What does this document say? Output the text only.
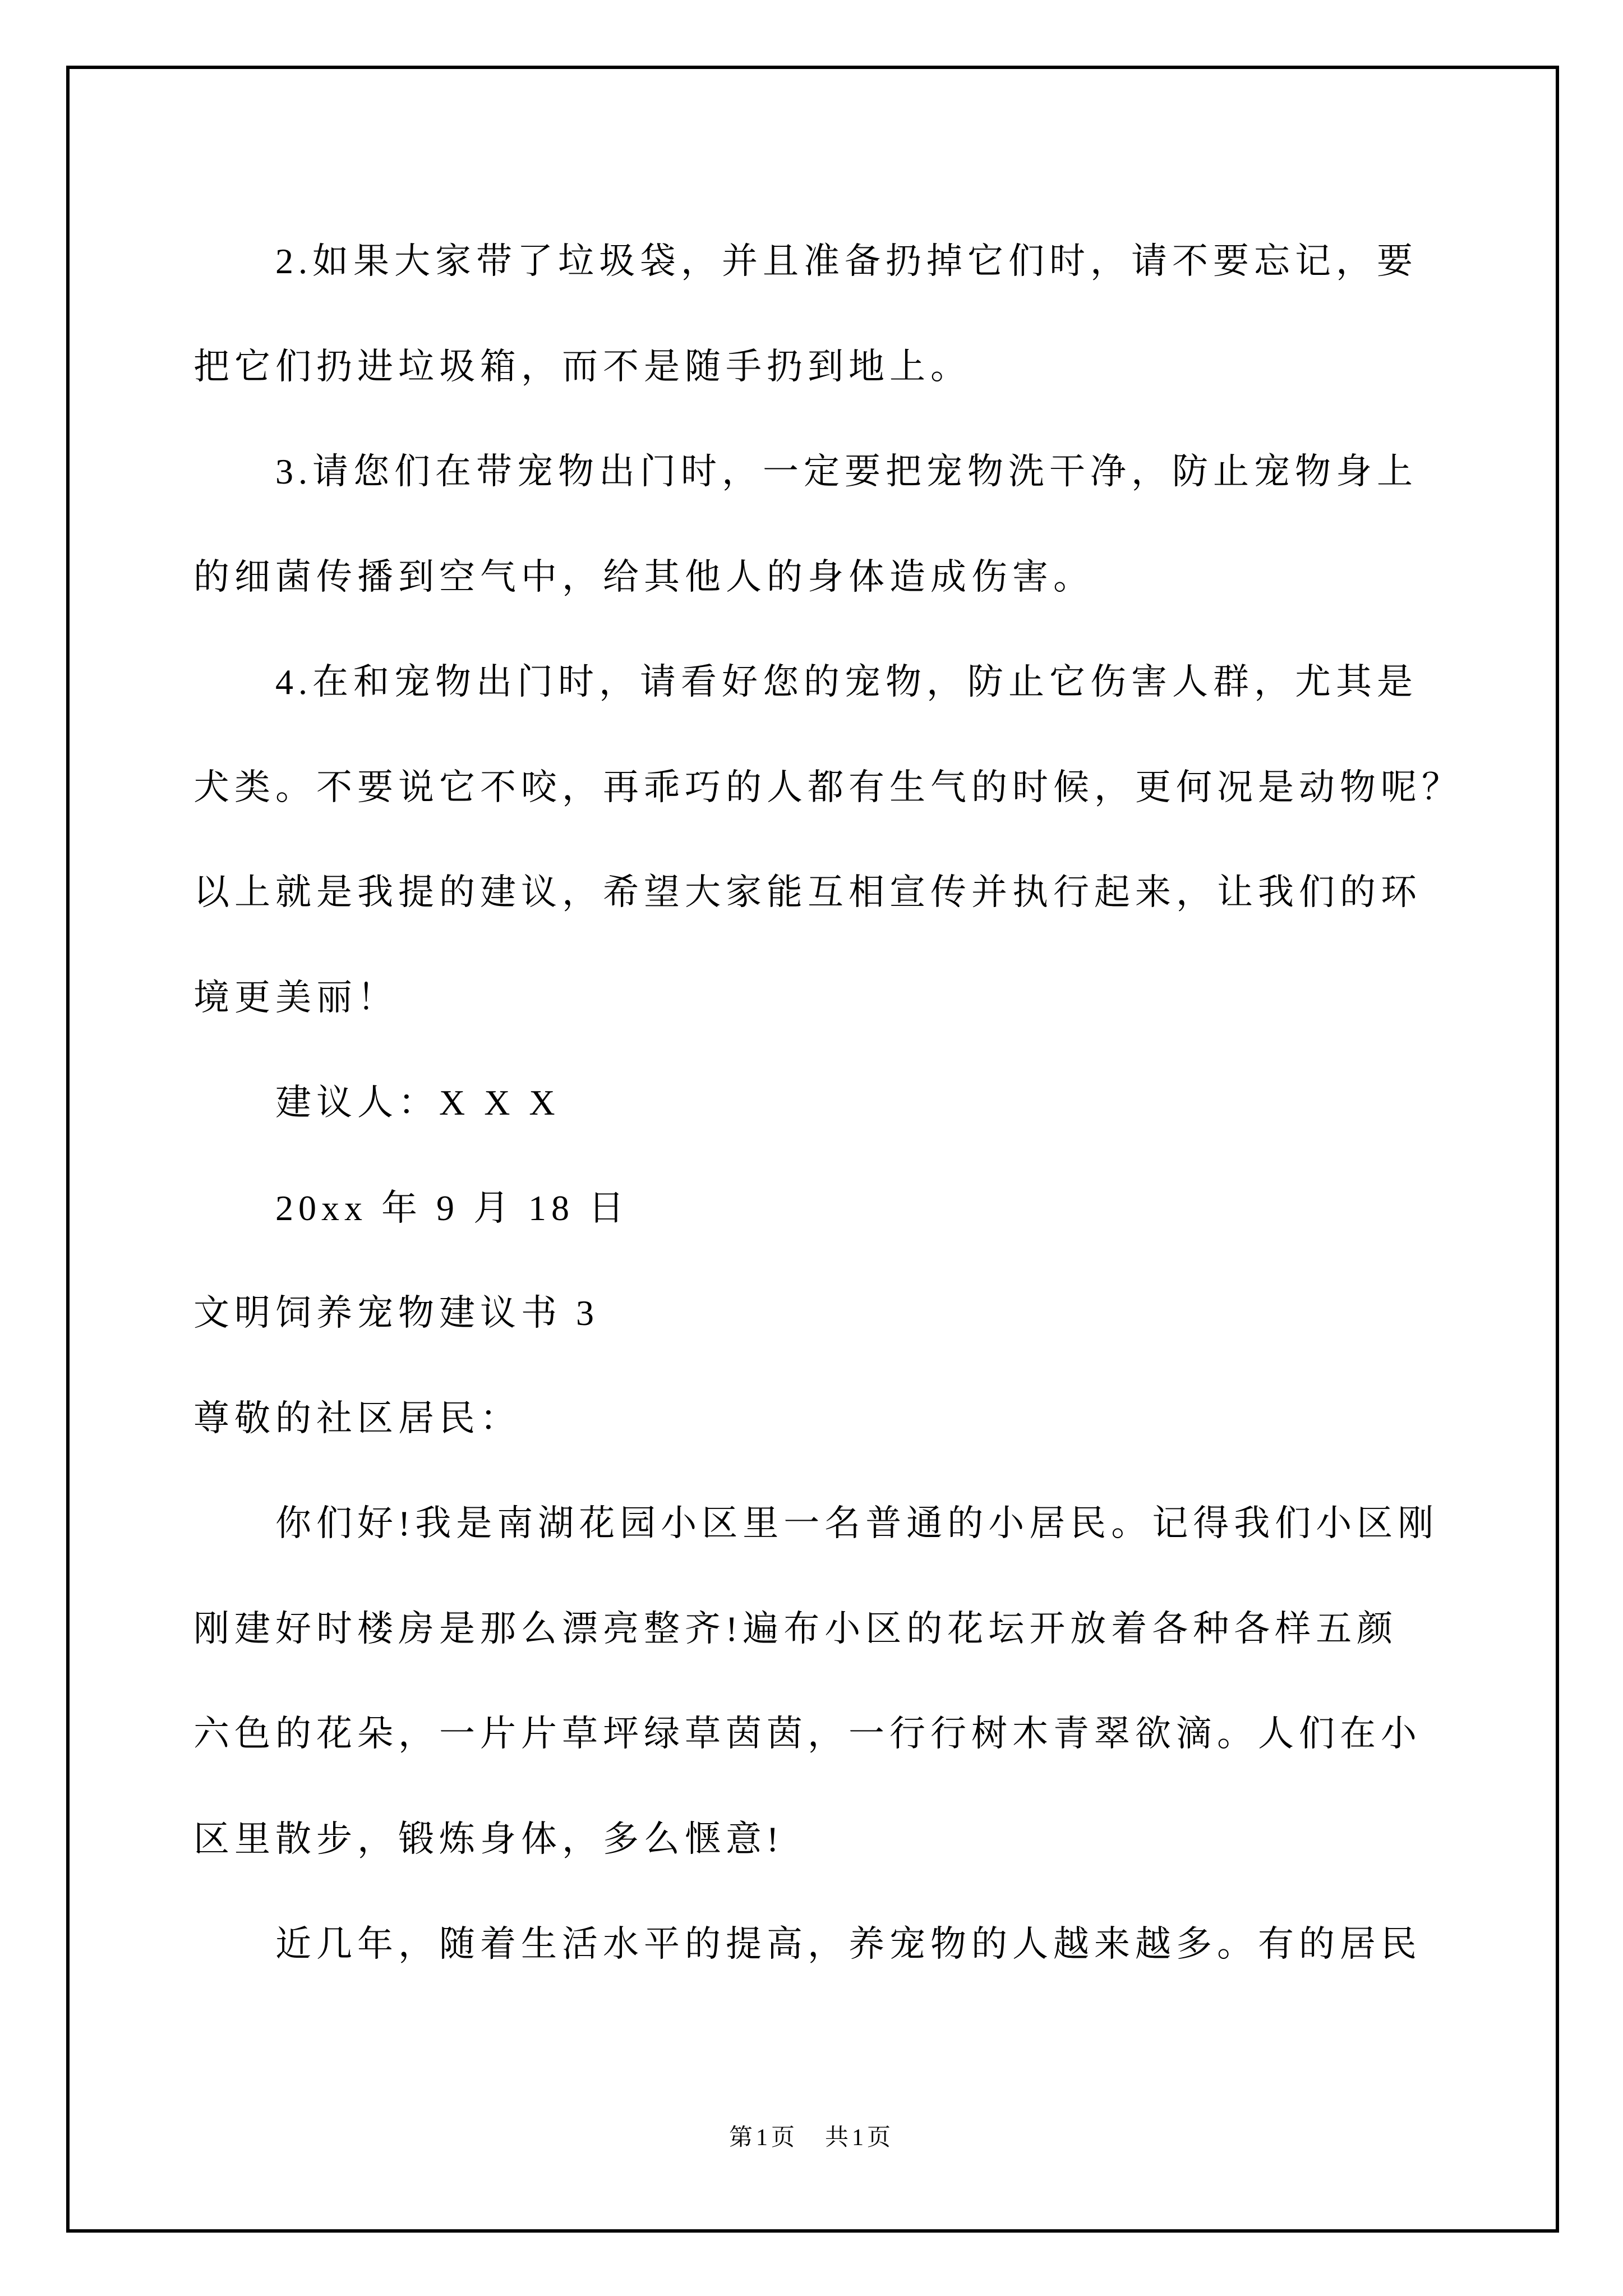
2.如果大家带了垃圾袋，并且准备扔掉它们时，请不要忘记，要
把它们扔进垃圾箱，而不是随手扔到地上。
3.请您们在带宠物出门时，一定要把宠物洗干净，防止宠物身上
的细菌传播到空气中，给其他人的身体造成伤害。
4.在和宠物出门时，请看好您的宠物，防止它伤害人群，尤其是
犬类。不要说它不咬，再乖巧的人都有生气的时候，更何况是动物呢？
以上就是我提的建议，希望大家能互相宣传并执行起来，让我们的环
境更美丽！
建议人：X X X
20xx 年 9 月 18 日
文明饲养宠物建议书 3
尊敬的社区居民：
你们好!我是南湖花园小区里一名普通的小居民。记得我们小区刚
刚建好时楼房是那么漂亮整齐!遍布小区的花坛开放着各种各样五颜
六色的花朵，一片片草坪绿草茵茵，一行行树木青翠欲滴。人们在小
区里散步，锻炼身体，多么惬意!
近几年，随着生活水平的提高，养宠物的人越来越多。有的居民
第1页　共1页
